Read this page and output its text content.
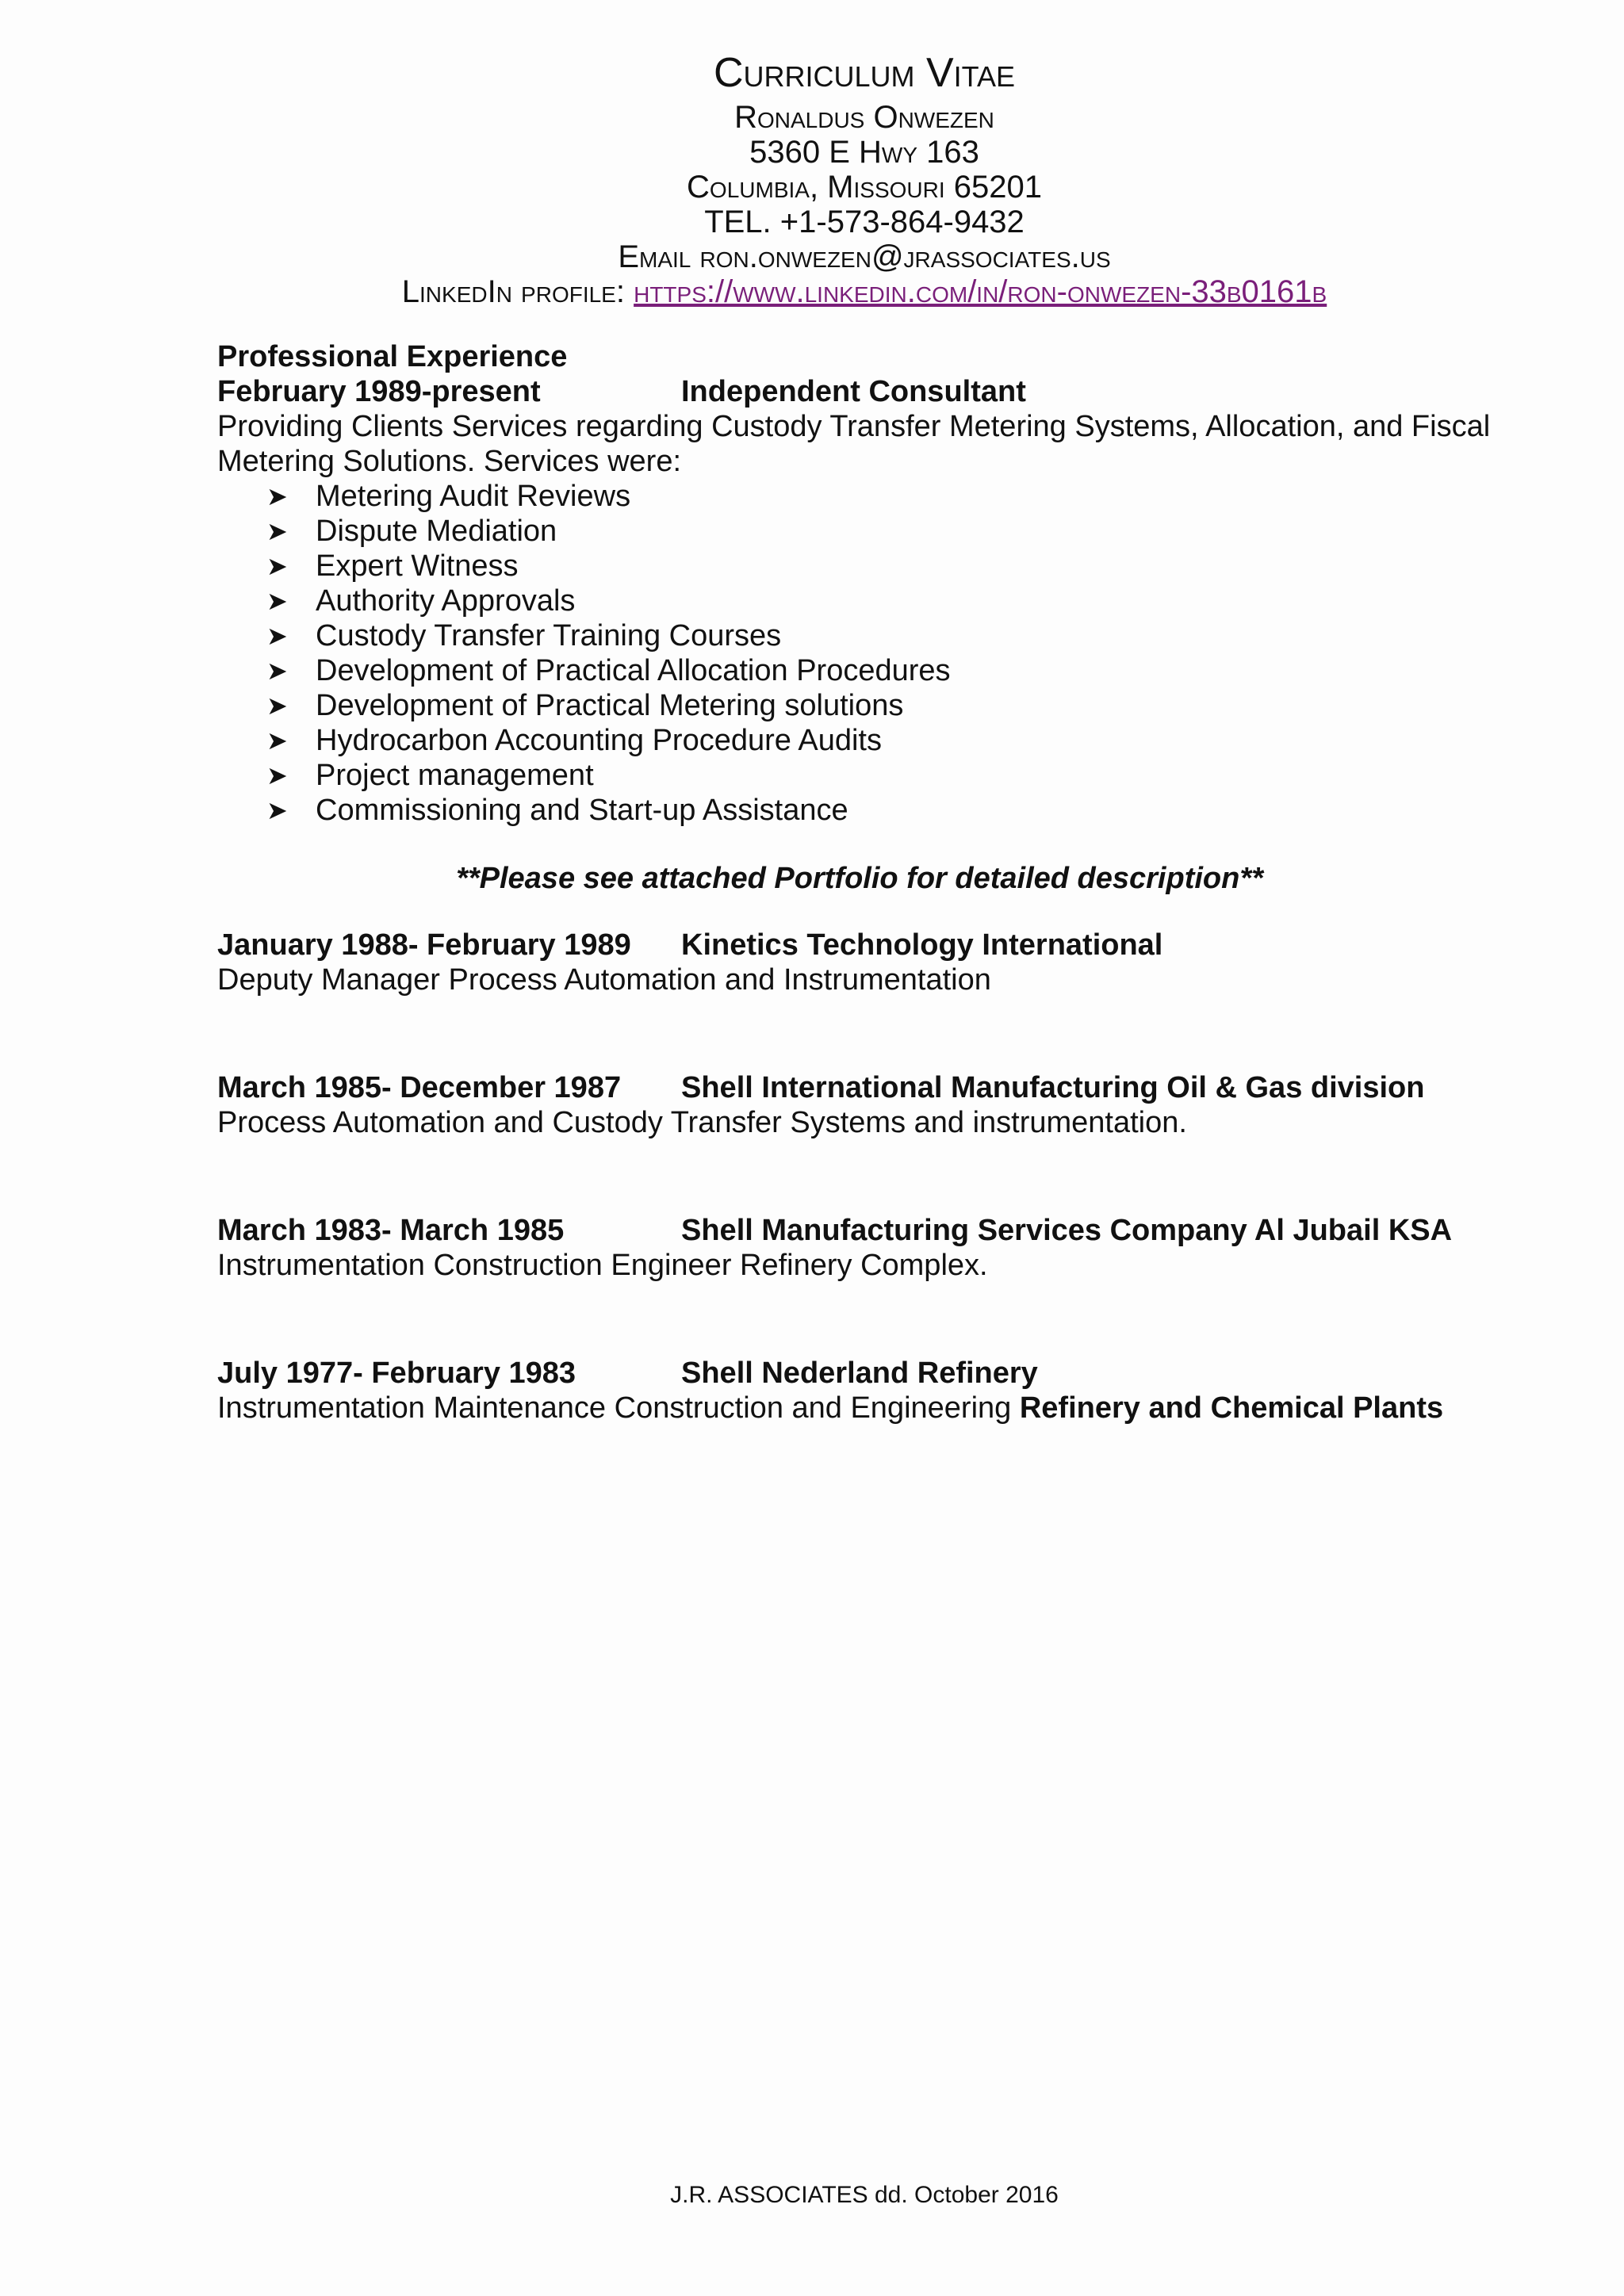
Curriculum Vitae
Ronaldus Onwezen
5360 E Hwy 163
Columbia, Missouri 65201
TEL. +1-573-864-9432
Email ron.onwezen@jrassociates.us
LinkedIn profile: https://www.linkedin.com/in/ron-onwezen-33b0161b
Professional Experience
February 1989-present	Independent Consultant
Providing Clients Services regarding Custody Transfer Metering Systems, Allocation, and Fiscal Metering Solutions. Services were:
➤ Metering Audit Reviews
➤ Dispute Mediation
➤ Expert Witness
➤ Authority Approvals
➤ Custody Transfer Training Courses
➤ Development of Practical Allocation Procedures
➤ Development of Practical Metering solutions
➤ Hydrocarbon Accounting Procedure Audits
➤ Project management
➤ Commissioning and Start-up Assistance
**Please see attached Portfolio for detailed description**
January 1988- February 1989	Kinetics Technology International
Deputy Manager Process Automation and Instrumentation
March 1985- December 1987	Shell International Manufacturing Oil & Gas division
Process Automation and Custody Transfer Systems and instrumentation.
March 1983- March 1985	Shell Manufacturing Services Company Al Jubail KSA
Instrumentation Construction Engineer Refinery Complex.
July 1977- February 1983	Shell Nederland Refinery
Instrumentation Maintenance Construction and Engineering Refinery and Chemical Plants
J.R. ASSOCIATES dd. October 2016
